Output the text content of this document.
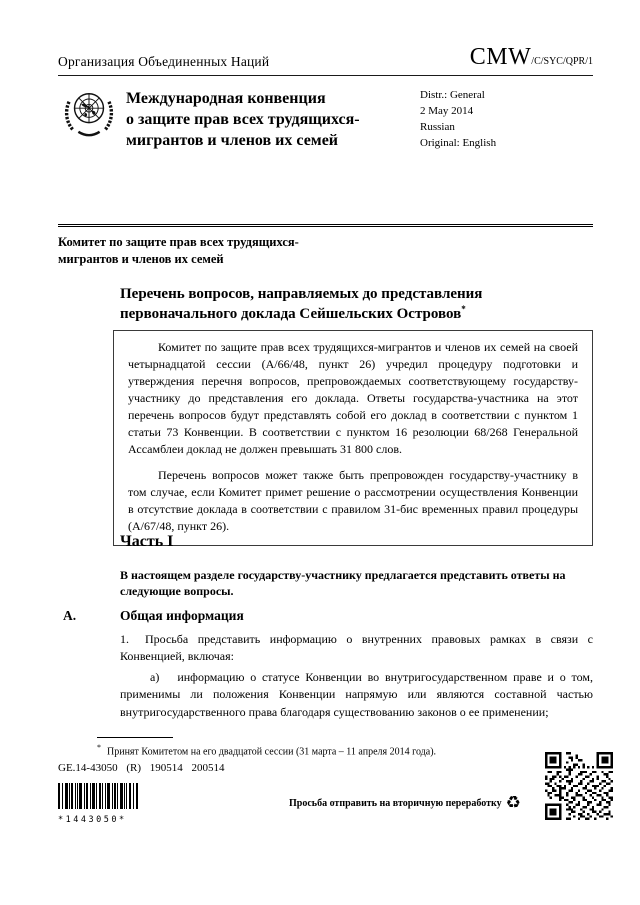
Организация Объединенных Наций	CMW/C/SYC/QPR/1
Международная конвенция
о защите прав всех трудящихся-
мигрантов и членов их семей
Distr.: General
2 May 2014
Russian
Original: English
Комитет по защите прав всех трудящихся-
мигрантов и членов их семей
Перечень вопросов, направляемых до представления первоначального доклада Сейшельских Островов*

Комитет по защите прав всех трудящихся-мигрантов и членов их семей на своей четырнадцатой сессии (A/66/48, пункт 26) учредил процедуру подготовки и утверждения перечня вопросов, препровождаемых соответствующему государству-участнику до представления его доклада. Ответы государства-участника на этот перечень вопросов будут представлять собой его доклад в соответствии с пунктом 1 статьи 73 Конвенции. В соответствии с пунктом 16 резолюции 68/268 Генеральной Ассамблеи доклад не должен превышать 31 800 слов.

Перечень вопросов может также быть препровожден государству-участнику в том случае, если Комитет примет решение о рассмотрении осуществления Конвенции в отсутствие доклада в соответствии с правилом 31-бис временных правил процедуры (A/67/48, пункт 26).

Часть I
В настоящем разделе государству-участнику предлагается представить ответы на следующие вопросы.
A.	Общая информация
1. Просьба представить информацию о внутренних правовых рамках в связи с Конвенцией, включая:
а) информацию о статусе Конвенции во внутригосударственном праве и о том, применимы ли положения Конвенции напрямую или являются составной частью внутригосударственного права благодаря существованию законов о ее применении;
* Принят Комитетом на его двадцатой сессии (31 марта – 11 апреля 2014 года).
GE.14-43050 (R) 190514 200514
*1443050*
Просьба отправить на вторичную переработку ♻
